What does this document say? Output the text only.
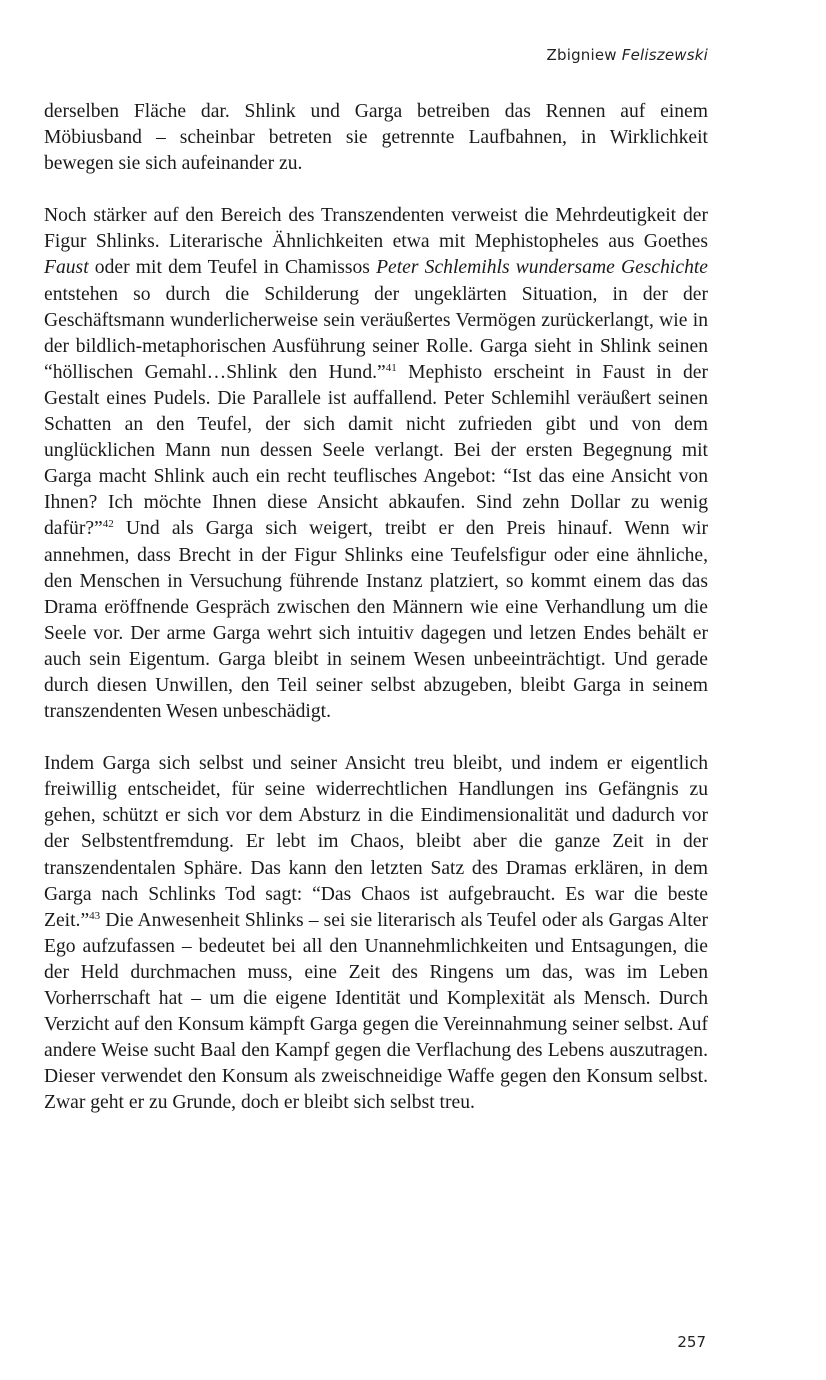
Zbigniew Feliszewski

derselben Fläche dar. Shlink und Garga betreiben das Rennen auf einem Möbiusband – scheinbar betreten sie getrennte Laufbahnen, in Wirklichkeit bewegen sie sich aufeinander zu.

Noch stärker auf den Bereich des Transzendenten verweist die Mehrdeutigkeit der Figur Shlinks. Literarische Ähnlichkeiten etwa mit Mephistopheles aus Goethes Faust oder mit dem Teufel in Chamissos Peter Schlemihls wundersame Geschichte entstehen so durch die Schilderung der ungeklärten Situation, in der der Geschäftsmann wunderlicherweise sein veräußertes Vermögen zurückerlangt, wie in der bildlich-metaphorischen Ausführung seiner Rolle. Garga sieht in Shlink seinen “höllischen Gemahl…Shlink den Hund.”$^{41}$ Mephisto erscheint in Faust in der Gestalt eines Pudels. Die Parallele ist auffallend. Peter Schlemihl veräußert seinen Schatten an den Teufel, der sich damit nicht zufrieden gibt und von dem unglücklichen Mann nun dessen Seele verlangt. Bei der ersten Begegnung mit Garga macht Shlink auch ein recht teuflisches Angebot: “Ist das eine Ansicht von Ihnen? Ich möchte Ihnen diese Ansicht abkaufen. Sind zehn Dollar zu wenig dafür?”$^{42}$ Und als Garga sich weigert, treibt er den Preis hinauf. Wenn wir annehmen, dass Brecht in der Figur Shlinks eine Teufelsfigur oder eine ähnliche, den Menschen in Versuchung führende Instanz platziert, so kommt einem das das Drama eröffnende Gespräch zwischen den Männern wie eine Verhandlung um die Seele vor. Der arme Garga wehrt sich intuitiv dagegen und letzen Endes behält er auch sein Eigentum. Garga bleibt in seinem Wesen unbeeinträchtigt. Und gerade durch diesen Unwillen, den Teil seiner selbst abzugeben, bleibt Garga in seinem transzendenten Wesen unbeschädigt.

Indem Garga sich selbst und seiner Ansicht treu bleibt, und indem er eigentlich freiwillig entscheidet, für seine widerrechtlichen Handlungen ins Gefängnis zu gehen, schützt er sich vor dem Absturz in die Eindimensionalität und dadurch vor der Selbstentfremdung. Er lebt im Chaos, bleibt aber die ganze Zeit in der transzendentalen Sphäre. Das kann den letzten Satz des Dramas erklären, in dem Garga nach Schlinks Tod sagt: “Das Chaos ist aufgebraucht. Es war die beste Zeit.”$^{43}$ Die Anwesenheit Shlinks – sei sie literarisch als Teufel oder als Gargas Alter Ego aufzufassen – bedeutet bei all den Unannehmlichkeiten und Entsagungen, die der Held durchmachen muss, eine Zeit des Ringens um das, was im Leben Vorherrschaft hat – um die eigene Identität und Komplexität als Mensch. Durch Verzicht auf den Konsum kämpft Garga gegen die Vereinnahmung seiner selbst. Auf andere Weise sucht Baal den Kampf gegen die Verflachung des Lebens auszutragen. Dieser verwendet den Konsum als zweischneidige Waffe gegen den Konsum selbst. Zwar geht er zu Grunde, doch er bleibt sich selbst treu.

257
